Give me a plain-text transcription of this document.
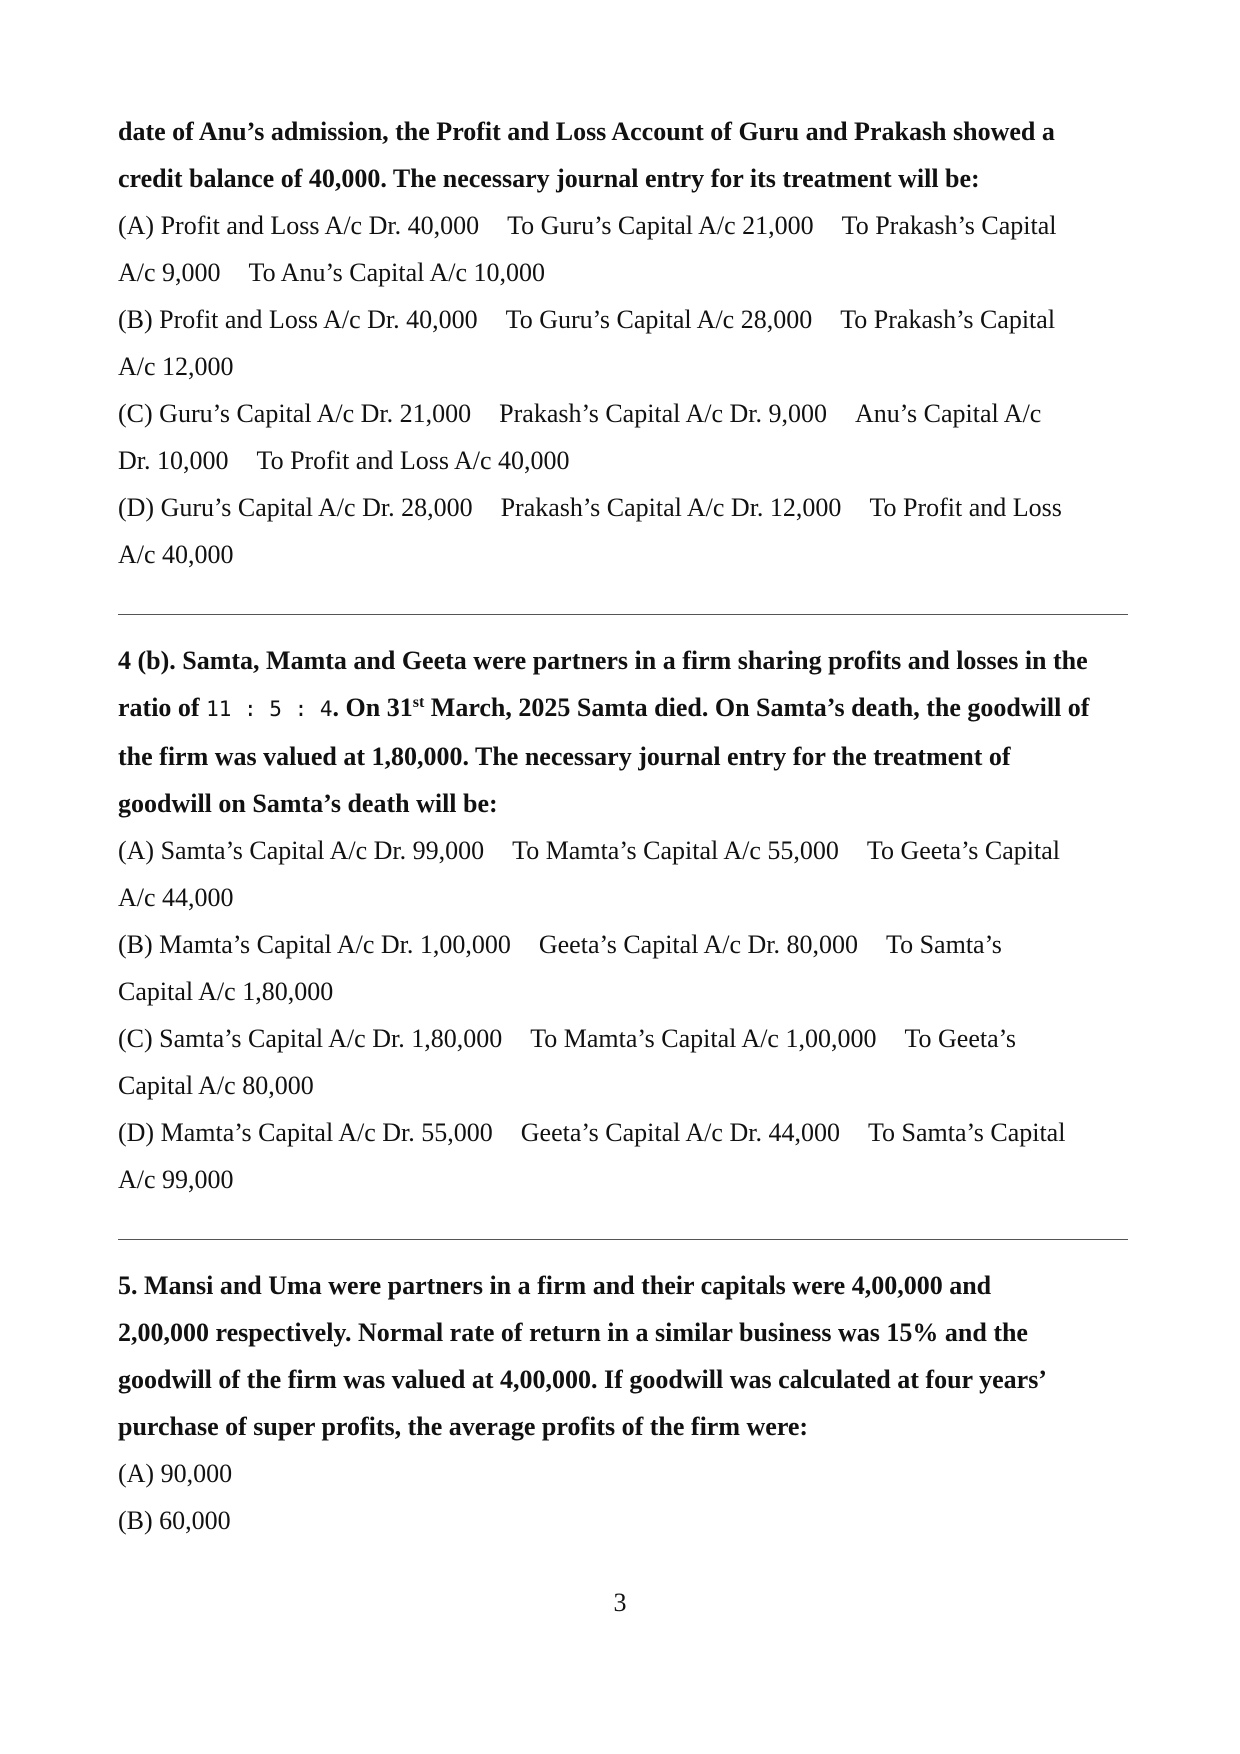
date of Anu’s admission, the Profit and Loss Account of Guru and Prakash showed a

credit balance of 40,000. The necessary journal entry for its treatment will be:

(A) Profit and Loss A/c Dr. 40,000 To Guru’s Capital A/c 21,000 To Prakash’s Capital

A/c 9,000 To Anu’s Capital A/c 10,000

(B) Profit and Loss A/c Dr. 40,000 To Guru’s Capital A/c 28,000 To Prakash’s Capital

A/c 12,000

(C) Guru’s Capital A/c Dr. 21,000 Prakash’s Capital A/c Dr. 9,000 Anu’s Capital A/c

Dr. 10,000 To Profit and Loss A/c 40,000

(D) Guru’s Capital A/c Dr. 28,000 Prakash’s Capital A/c Dr. 12,000 To Profit and Loss

A/c 40,000

4 (b). Samta, Mamta and Geeta were partners in a firm sharing profits and losses in the

ratio of 11 : 5 : 4. On 31st March, 2025 Samta died. On Samta’s death, the goodwill of

the firm was valued at 1,80,000. The necessary journal entry for the treatment of

goodwill on Samta’s death will be:

(A) Samta’s Capital A/c Dr. 99,000 To Mamta’s Capital A/c 55,000 To Geeta’s Capital

A/c 44,000

(B) Mamta’s Capital A/c Dr. 1,00,000 Geeta’s Capital A/c Dr. 80,000 To Samta’s

Capital A/c 1,80,000

(C) Samta’s Capital A/c Dr. 1,80,000 To Mamta’s Capital A/c 1,00,000 To Geeta’s

Capital A/c 80,000

(D) Mamta’s Capital A/c Dr. 55,000 Geeta’s Capital A/c Dr. 44,000 To Samta’s Capital

A/c 99,000

5. Mansi and Uma were partners in a firm and their capitals were 4,00,000 and

2,00,000 respectively. Normal rate of return in a similar business was 15% and the

goodwill of the firm was valued at 4,00,000. If goodwill was calculated at four years’

purchase of super profits, the average profits of the firm were:

(A) 90,000

(B) 60,000

3
